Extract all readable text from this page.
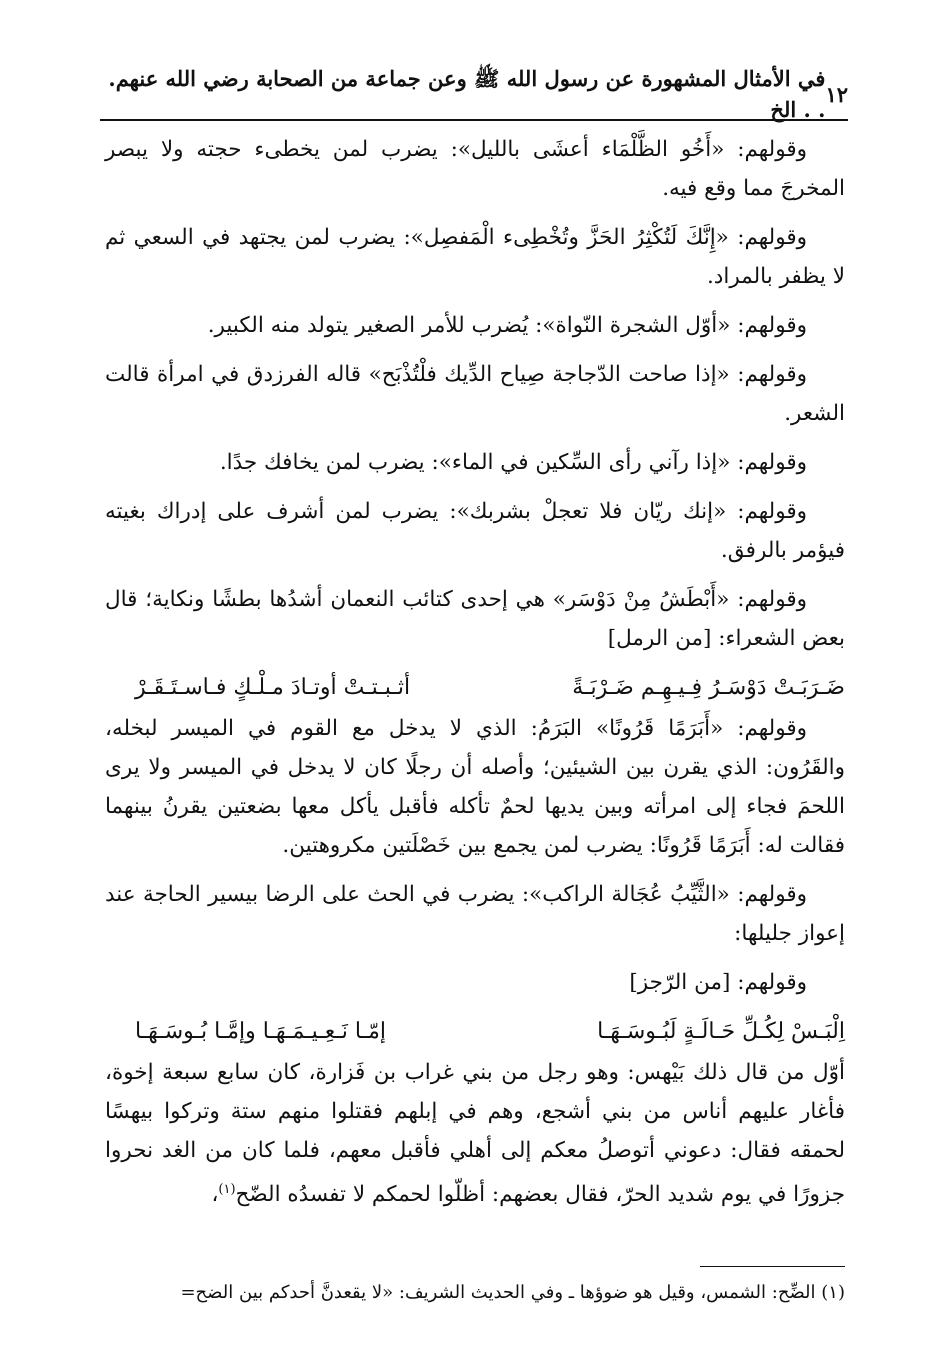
١٢
في الأمثال المشهورة عن رسول الله ﷺ وعن جماعة من الصحابة رضي الله عنهم. . . الخ

وقولهم: «أَخُو الظَّلْمَاء أعشَى بالليل»: يضرب لمن يخطىء حجته ولا يبصر المخرجَ مما وقع فيه.

وقولهم: «إِنَّكَ لَتُكْثِرُ الحَزَّ وتُخْطِىء الْمَفصِل»: يضرب لمن يجتهد في السعي ثم لا يظفر بالمراد.

وقولهم: «أوّل الشجرة النّواة»: يُضرب للأمر الصغير يتولد منه الكبير.

وقولهم: «إذا صاحت الدّجاجة صِياح الدِّيك فلْتُذْبَح» قاله الفرزدق في امرأة قالت الشعر.

وقولهم: «إذا رآني رأى السِّكين في الماء»: يضرب لمن يخافك جدًا.

وقولهم: «إنك ريّان فلا تعجلْ بشربك»: يضرب لمن أشرف على إدراك بغيته فيؤمر بالرفق.

وقولهم: «أَبْطَشُ مِنْ دَوْسَر» هي إحدى كتائب النعمان أشدُها بطشًا ونكاية؛ قال بعض الشعراء: [من الرمل]

ضَـرَبَـتْ دَوْسَـرُ فِـيـهِـم ضَـرْبَـةً
أثـبـتـتْ أوتـادَ مـلْـكٍ فـاسـتَـقَـرْ

وقولهم: «أَبَرَمًا قَرُونًا» البَرَمُ: الذي لا يدخل مع القوم في الميسر لبخله، والقَرُون: الذي يقرن بين الشيئين؛ وأصله أن رجلًا كان لا يدخل في الميسر ولا يرى اللحمَ فجاء إلى امرأته وبين يديها لحمٌ تأكله فأقبل يأكل معها بضعتين يقرنُ بينهما فقالت له: أَبَرَمًا قَرُونًا: يضرب لمن يجمع بين خَصْلَتين مكروهتين.

وقولهم: «الثَّيِّبُ عُجَالة الراكب»: يضرب في الحث على الرضا بيسير الحاجة عند إعواز جليلها:

وقولهم: [من الرّجز]

اِلْبَـسْ لِكُـلِّ حَـالَـةٍ لَبُـوسَـهَـا
إمّـا نَـعِـيـمَـهَـا وإمَّـا بُـوسَـهَـا

أوّل من قال ذلك بَيْهس: وهو رجل من بني غراب بن فَزارة، كان سابع سبعة إخوة، فأغار عليهم أناس من بني أشجع، وهم في إبلهم فقتلوا منهم ستة وتركوا بيهسًا لحمقه فقال: دعوني أتوصلُ معكم إلى أهلي فأقبل معهم، فلما كان من الغد نحروا جزورًا في يوم شديد الحرّ، فقال بعضهم: أظلّوا لحمكم لا تفسدُه الضّح$^{(١)}$،

(١) الضِّح: الشمس، وقيل هو ضوؤها ـ وفي الحديث الشريف: «لا يقعدنَّ أحدكم بين الضح=
